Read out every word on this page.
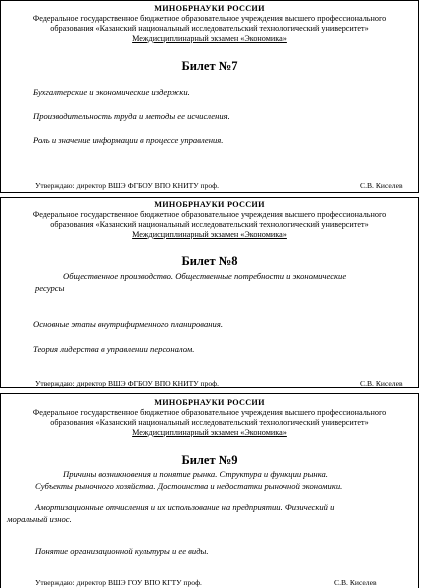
МИНОБРНАУКИ РОССИИ
Федеральное государственное бюджетное образовательное учреждения высшего профессионального
образования «Казанский национальный исследовательский технологический университет»
Междисциплинарный экзамен «Экономика»
Билет №7
Бухгалтерские и экономические издержки.
Производительность труда и методы ее исчисления.
Роль и значение информации в процессе управления.
Утверждаю: директор ВШЭ ФГБОУ ВПО КНИТУ проф.	С.В. Киселев
МИНОБРНАУКИ РОССИИ
Федеральное государственное бюджетное образовательное учреждения высшего профессионального
образования «Казанский национальный исследовательский технологический университет»
Междисциплинарный экзамен «Экономика»
Билет №8
Общественное производство. Общественные потребности и экономические
ресурсы
Основные этапы внутрифирменного планирования.
Теория лидерства в управлении персоналом.
Утверждаю: директор ВШЭ ФГБОУ ВПО КНИТУ проф.	С.В. Киселев
МИНОБРНАУКИ РОССИИ
Федеральное государственное бюджетное образовательное учреждения высшего профессионального
образования «Казанский национальный исследовательский технологический университет»
Междисциплинарный экзамен «Экономика»
Билет №9
Причины возникновения и понятие рынка. Структура и функции рынка.
Субъекты рыночного хозяйства. Достоинства и недостатки рыночной экономики.
Амортизационные отчисления и их использование на предприятии. Физический и
моральный износ.
Понятие организационной культуры и ее виды.
Утверждаю: директор ВШЭ ГОУ ВПО КГТУ проф.	С.В. Киселев
